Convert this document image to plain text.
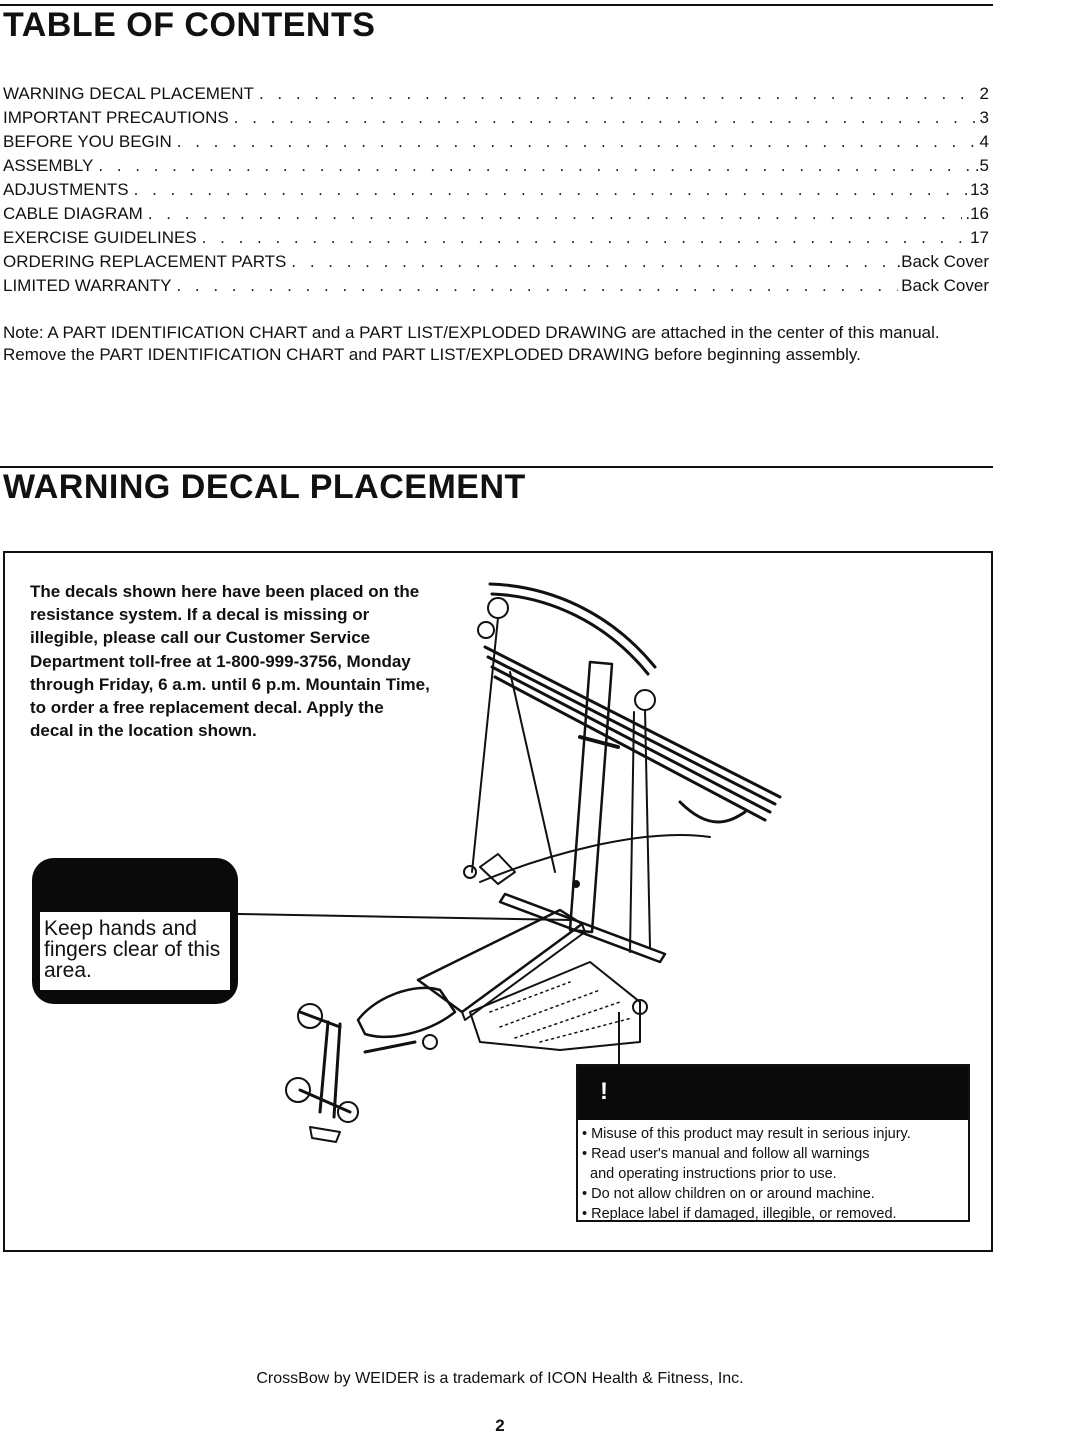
TABLE OF CONTENTS
WARNING DECAL PLACEMENT . . .	2
IMPORTANT PRECAUTIONS . . .	3
BEFORE YOU BEGIN . . .	4
ASSEMBLY . . .	.5
ADJUSTMENTS . . .	13
CABLE DIAGRAM . . .	.16
EXERCISE GUIDELINES . . .	17
ORDERING REPLACEMENT PARTS . . .	.Back Cover
LIMITED WARRANTY . . .	Back Cover

Note: A PART IDENTIFICATION CHART and a PART LIST/EXPLODED DRAWING are attached in the center of this manual. Remove the PART IDENTIFICATION CHART and PART LIST/EXPLODED DRAWING before beginning assembly.

WARNING DECAL PLACEMENT

The decals shown here have been placed on the resistance system. If a decal is missing or illegible, please call our Customer Service Department toll-free at 1-800-999-3756, Monday through Friday, 6 a.m. until 6 p.m. Mountain Time, to order a free replacement decal. Apply the decal in the location shown.

Keep hands and fingers clear of this area.

!
• Misuse of this product may result in serious injury.
• Read user's manual and follow all warnings
and operating instructions prior to use.
• Do not allow children on or around machine.
• Replace label if damaged, illegible, or removed.
CrossBow by WEIDER is a trademark of ICON Health & Fitness, Inc.
2
